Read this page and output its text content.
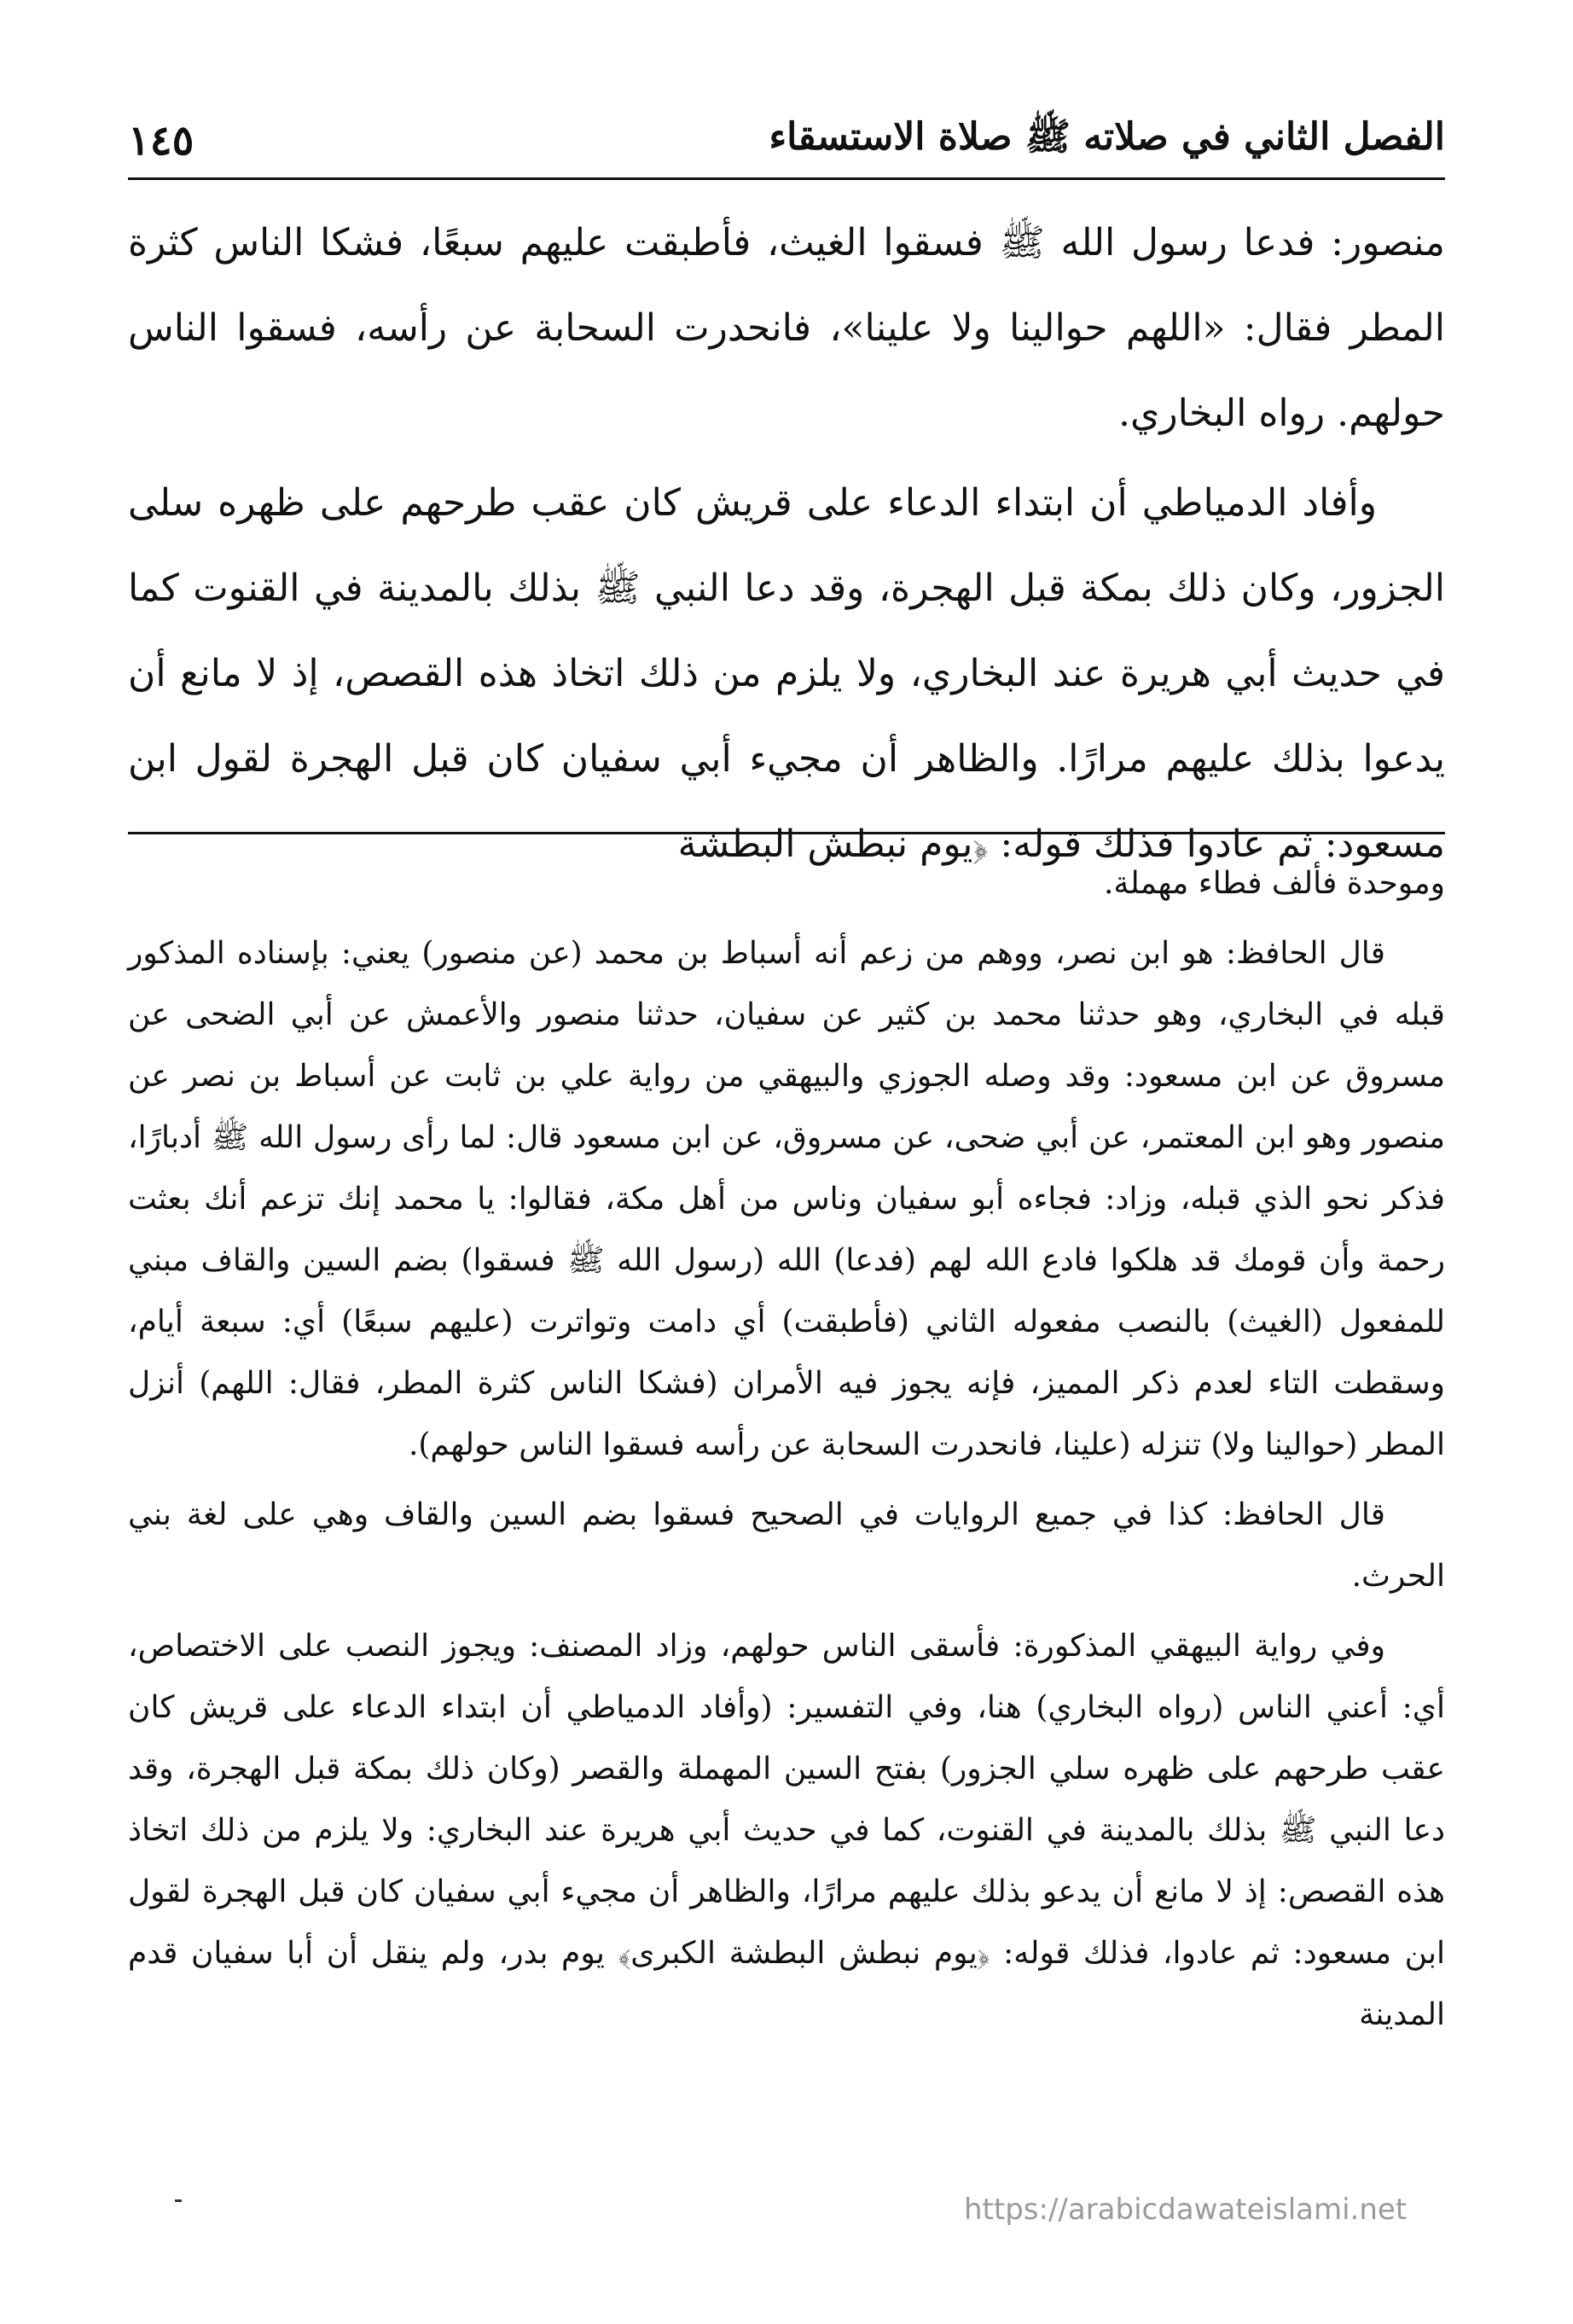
الفصل الثاني في صلاته ﷺ صلاة الاستسقاء
١٤٥

منصور: فدعا رسول الله ﷺ فسقوا الغيث، فأطبقت عليهم سبعًا، فشكا الناس كثرة المطر فقال: «اللهم حوالينا ولا علينا»، فانحدرت السحابة عن رأسه، فسقوا الناس حولهم. رواه البخاري.

وأفاد الدمياطي أن ابتداء الدعاء على قريش كان عقب طرحهم على ظهره سلى الجزور، وكان ذلك بمكة قبل الهجرة، وقد دعا النبي ﷺ بذلك بالمدينة في القنوت كما في حديث أبي هريرة عند البخاري، ولا يلزم من ذلك اتخاذ هذه القصص، إذ لا مانع أن يدعوا بذلك عليهم مرارًا. والظاهر أن مجيء أبي سفيان كان قبل الهجرة لقول ابن مسعود: ثم عادوا فذلك قوله: ﴿يوم نبطش البطشة

وموحدة فألف فطاء مهملة.

قال الحافظ: هو ابن نصر، ووهم من زعم أنه أسباط بن محمد (عن منصور) يعني: بإسناده المذكور قبله في البخاري، وهو حدثنا محمد بن كثير عن سفيان، حدثنا منصور والأعمش عن أبي الضحى عن مسروق عن ابن مسعود: وقد وصله الجوزي والبيهقي من رواية علي بن ثابت عن أسباط بن نصر عن منصور وهو ابن المعتمر، عن أبي ضحى، عن مسروق، عن ابن مسعود قال: لما رأى رسول الله ﷺ أدبارًا، فذكر نحو الذي قبله، وزاد: فجاءه أبو سفيان وناس من أهل مكة، فقالوا: يا محمد إنك تزعم أنك بعثت رحمة وأن قومك قد هلكوا فادع الله لهم (فدعا) الله (رسول الله ﷺ فسقوا) بضم السين والقاف مبني للمفعول (الغيث) بالنصب مفعوله الثاني (فأطبقت) أي دامت وتواترت (عليهم سبعًا) أي: سبعة أيام، وسقطت التاء لعدم ذكر المميز، فإنه يجوز فيه الأمران (فشكا الناس كثرة المطر، فقال: اللهم) أنزل المطر (حوالينا ولا) تنزله (علينا، فانحدرت السحابة عن رأسه فسقوا الناس حولهم).

قال الحافظ: كذا في جميع الروايات في الصحيح فسقوا بضم السين والقاف وهي على لغة بني الحرث.

وفي رواية البيهقي المذكورة: فأسقى الناس حولهم، وزاد المصنف: ويجوز النصب على الاختصاص، أي: أعني الناس (رواه البخاري) هنا، وفي التفسير: (وأفاد الدمياطي أن ابتداء الدعاء على قريش كان عقب طرحهم على ظهره سلي الجزور) بفتح السين المهملة والقصر (وكان ذلك بمكة قبل الهجرة، وقد دعا النبي ﷺ بذلك بالمدينة في القنوت، كما في حديث أبي هريرة عند البخاري: ولا يلزم من ذلك اتخاذ هذه القصص: إذ لا مانع أن يدعو بذلك عليهم مرارًا، والظاهر أن مجيء أبي سفيان كان قبل الهجرة لقول ابن مسعود: ثم عادوا، فذلك قوله: ﴿يوم نبطش البطشة الكبرى﴾ يوم بدر، ولم ينقل أن أبا سفيان قدم المدينة

https://arabicdawateislami.net
